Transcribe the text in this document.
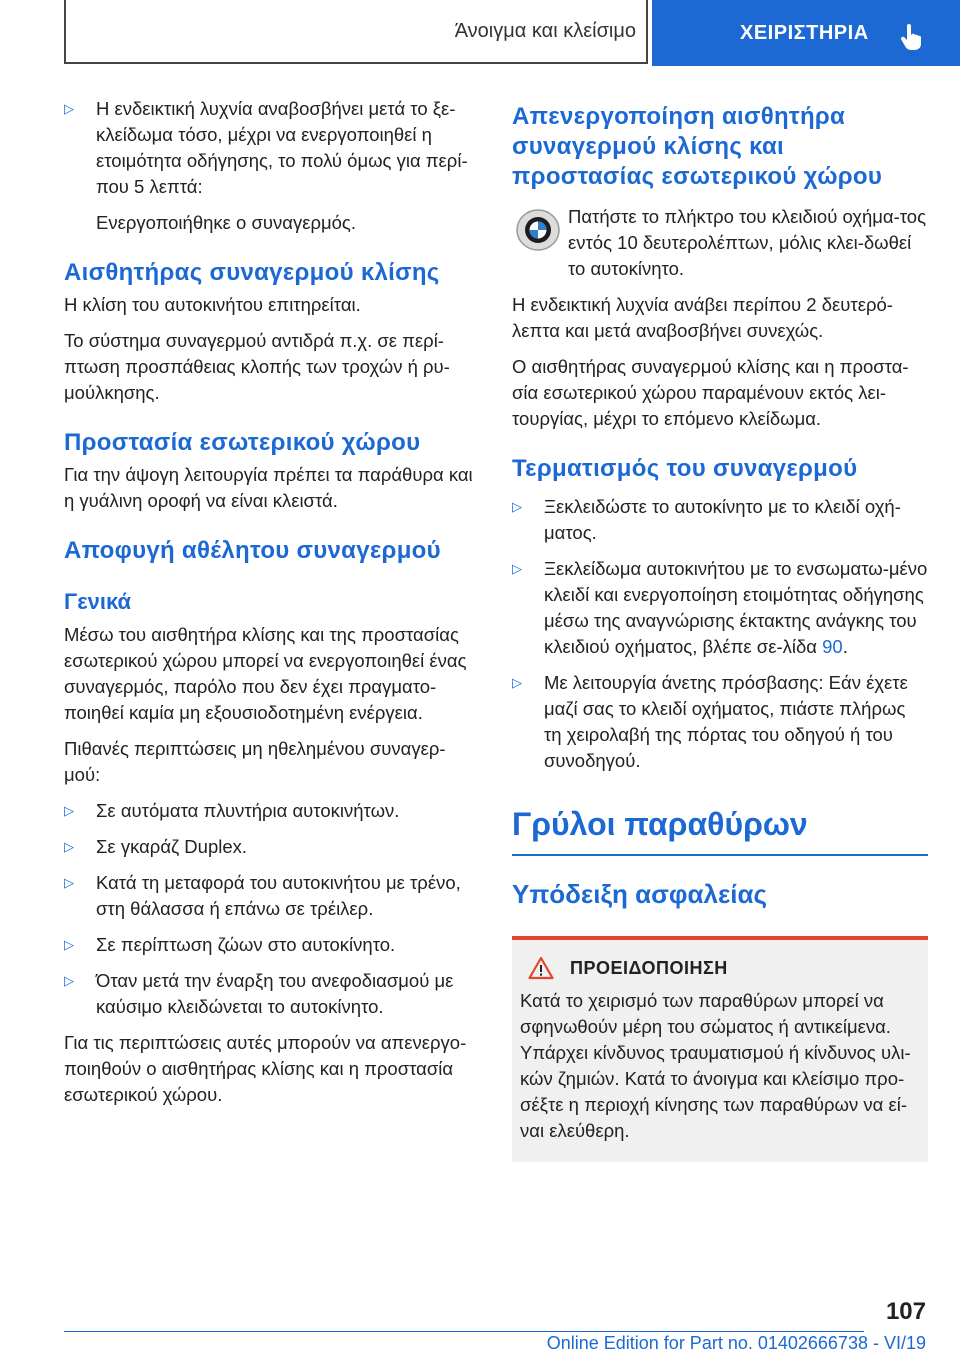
Άνοιγμα και κλείσιμο	ΧΕΙΡΙΣΤΗΡΙΑ
▷	Η ενδεικτική λυχνία αναβοσβήνει μετά το ξε-κλείδωμα τόσο, μέχρι να ενεργοποιηθεί η ετοιμότητα οδήγησης, το πολύ όμως για περί-που 5 λεπτά:

Ενεργοποιήθηκε ο συναγερμός.

Αισθητήρας συναγερμού κλίσης

Η κλίση του αυτοκινήτου επιτηρείται.

Το σύστημα συναγερμού αντιδρά π.χ. σε περί-πτωση προσπάθειας κλοπής των τροχών ή ρυ-μούλκησης.

Προστασία εσωτερικού χώρου

Για την άψογη λειτουργία πρέπει τα παράθυρα και η γυάλινη οροφή να είναι κλειστά.

Αποφυγή αθέλητου συναγερμού
Γενικά

Μέσω του αισθητήρα κλίσης και της προστασίας εσωτερικού χώρου μπορεί να ενεργοποιηθεί ένας συναγερμός, παρόλο που δεν έχει πραγματο-ποιηθεί καμία μη εξουσιοδοτημένη ενέργεια.

Πιθανές περιπτώσεις μη ηθελημένου συναγερ-μού:

▷	Σε αυτόματα πλυντήρια αυτοκινήτων.
▷	Σε γκαράζ Duplex.
▷	Κατά τη μεταφορά του αυτοκινήτου με τρένο, στη θάλασσα ή επάνω σε τρέιλερ.
▷	Σε περίπτωση ζώων στο αυτοκίνητο.
▷	Όταν μετά την έναρξη του ανεφοδιασμού με καύσιμο κλειδώνεται το αυτοκίνητο.

Για τις περιπτώσεις αυτές μπορούν να απενεργο-ποιηθούν ο αισθητήρας κλίσης και η προστασία εσωτερικού χώρου.

Απενεργοποίηση αισθητήρα συναγερμού κλίσης και προστασίας εσωτερικού χώρου

Πατήστε το πλήκτρο του κλειδιού οχήμα-τος εντός 10 δευτερολέπτων, μόλις κλει-δωθεί το αυτοκίνητο.

Η ενδεικτική λυχνία ανάβει περίπου 2 δευτερό-λεπτα και μετά αναβοσβήνει συνεχώς.

Ο αισθητήρας συναγερμού κλίσης και η προστα-σία εσωτερικού χώρου παραμένουν εκτός λει-τουργίας, μέχρι το επόμενο κλείδωμα.

Τερματισμός του συναγερμού
▷	Ξεκλειδώστε το αυτοκίνητο με το κλειδί οχή-ματος.
▷	Ξεκλείδωμα αυτοκινήτου με το ενσωματω-μένο κλειδί και ενεργοποίηση ετοιμότητας οδήγησης μέσω της αναγνώρισης έκτακτης ανάγκης του κλειδιού οχήματος, βλέπε σε-λίδα 90.
▷	Με λειτουργία άνετης πρόσβασης: Εάν έχετε μαζί σας το κλειδί οχήματος, πιάστε πλήρως τη χειρολαβή της πόρτας του οδηγού ή του συνοδηγού.
Γρύλοι παραθύρων
Υπόδειξη ασφαλείας
ΠΡΟΕΙΔΟΠΟΙΗΣΗ

Κατά το χειρισμό των παραθύρων μπορεί να σφηνωθούν μέρη του σώματος ή αντικείμενα. Υπάρχει κίνδυνος τραυματισμού ή κίνδυνος υλι-κών ζημιών. Κατά το άνοιγμα και κλείσιμο προ-σέξτε η περιοχή κίνησης των παραθύρων να εί-ναι ελεύθερη.

107
Online Edition for Part no. 01402666738 - VI/19
